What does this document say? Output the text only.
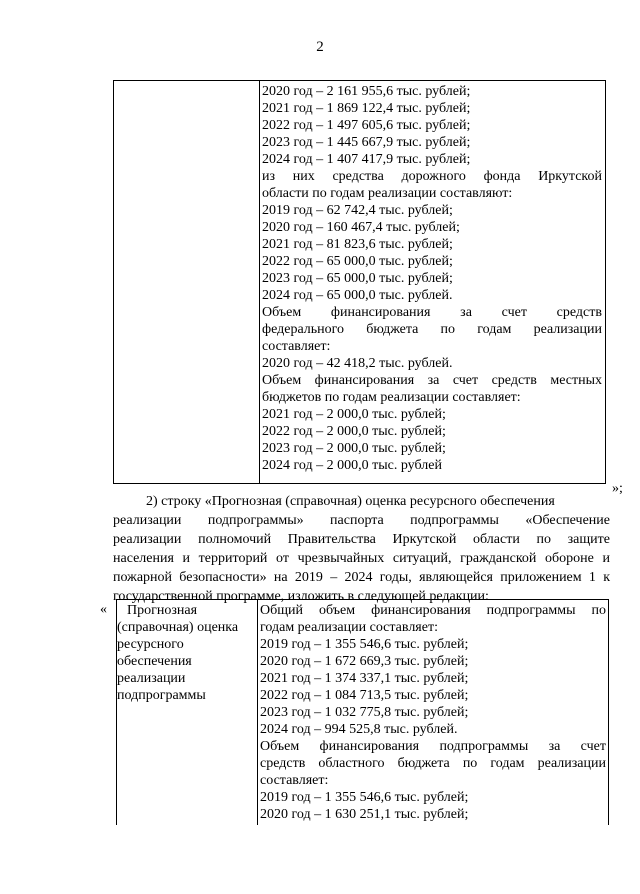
2
2020 год – 2 161 955,6 тыс. рублей;
2021 год – 1 869 122,4 тыс. рублей;
2022 год – 1 497 605,6 тыс. рублей;
2023 год – 1 445 667,9 тыс. рублей;
2024 год – 1 407 417,9 тыс. рублей;
из них средства дорожного фонда Иркутской
области по годам реализации составляют:
2019 год – 62 742,4 тыс. рублей;
2020 год – 160 467,4 тыс. рублей;
2021 год – 81 823,6 тыс. рублей;
2022 год – 65 000,0 тыс. рублей;
2023 год – 65 000,0 тыс. рублей;
2024 год – 65 000,0 тыс. рублей.
Объем финансирования за счет средств
федерального бюджета по годам реализации
составляет:
2020 год – 42 418,2 тыс. рублей.
Объем финансирования за счет средств местных
бюджетов по годам реализации составляет:
2021 год – 2 000,0 тыс. рублей;
2022 год – 2 000,0 тыс. рублей;
2023 год – 2 000,0 тыс. рублей;
2024 год – 2 000,0 тыс. рублей
»;
2) строку «Прогнозная (справочная) оценка ресурсного обеспечения
реализации подпрограммы» паспорта подпрограммы «Обеспечение
реализации полномочий Правительства Иркутской области по защите
населения и территорий от чрезвычайных ситуаций, гражданской обороне и
пожарной безопасности» на 2019 – 2024 годы, являющейся приложением 1 к
государственной программе, изложить в следующей редакции:
« Прогнозная
(справочная) оценка
ресурсного
обеспечения
реализации
подпрограммы
Общий объем финансирования подпрограммы по
годам реализации составляет:
2019 год – 1 355 546,6 тыс. рублей;
2020 год – 1 672 669,3 тыс. рублей;
2021 год – 1 374 337,1 тыс. рублей;
2022 год – 1 084 713,5 тыс. рублей;
2023 год – 1 032 775,8 тыс. рублей;
2024 год – 994 525,8 тыс. рублей.
Объем финансирования подпрограммы за счет
средств областного бюджета по годам реализации
составляет:
2019 год – 1 355 546,6 тыс. рублей;
2020 год – 1 630 251,1 тыс. рублей;
